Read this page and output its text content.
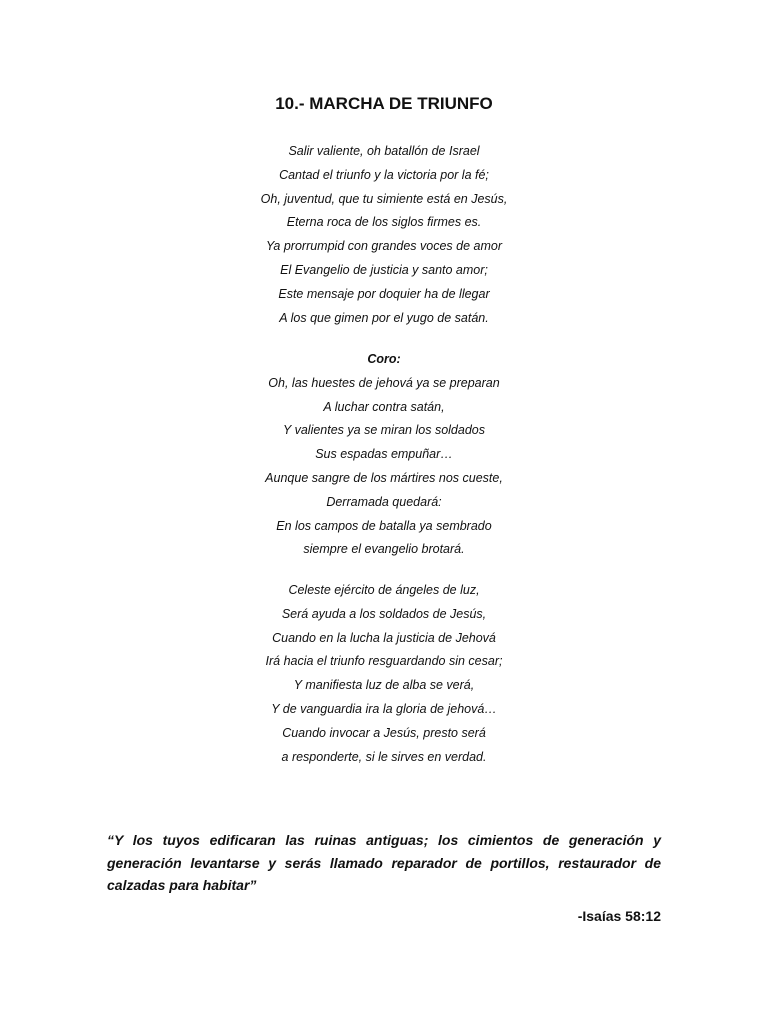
10.- MARCHA DE TRIUNFO
Salir valiente, oh batallón de Israel
Cantad el triunfo y la victoria por la fé;
Oh, juventud, que tu simiente está en Jesús,
Eterna roca de los siglos firmes es.
Ya prorrumpid con grandes voces de amor
El Evangelio de justicia y santo amor;
Este mensaje por doquier ha de llegar
A los que gimen por el yugo de satán.
Coro:
Oh, las huestes de jehová ya se preparan
A luchar contra satán,
Y valientes ya se miran los soldados
Sus espadas empuñar…
Aunque sangre de los mártires nos cueste,
Derramada quedará:
En los campos de batalla ya sembrado
siempre el evangelio brotará.
Celeste ejército de ángeles de luz,
Será ayuda a los soldados de Jesús,
Cuando en la lucha la justicia de Jehová
Irá hacia el triunfo resguardando sin cesar;
Y manifiesta luz de alba se verá,
Y de vanguardia ira la gloria de jehová…
Cuando invocar a Jesús, presto será
a responderte, si le sirves en verdad.
“Y los tuyos edificaran las ruinas antiguas; los cimientos de generación y generación levantarse y serás llamado reparador de portillos, restaurador de calzadas para habitar”
-Isaías 58:12
